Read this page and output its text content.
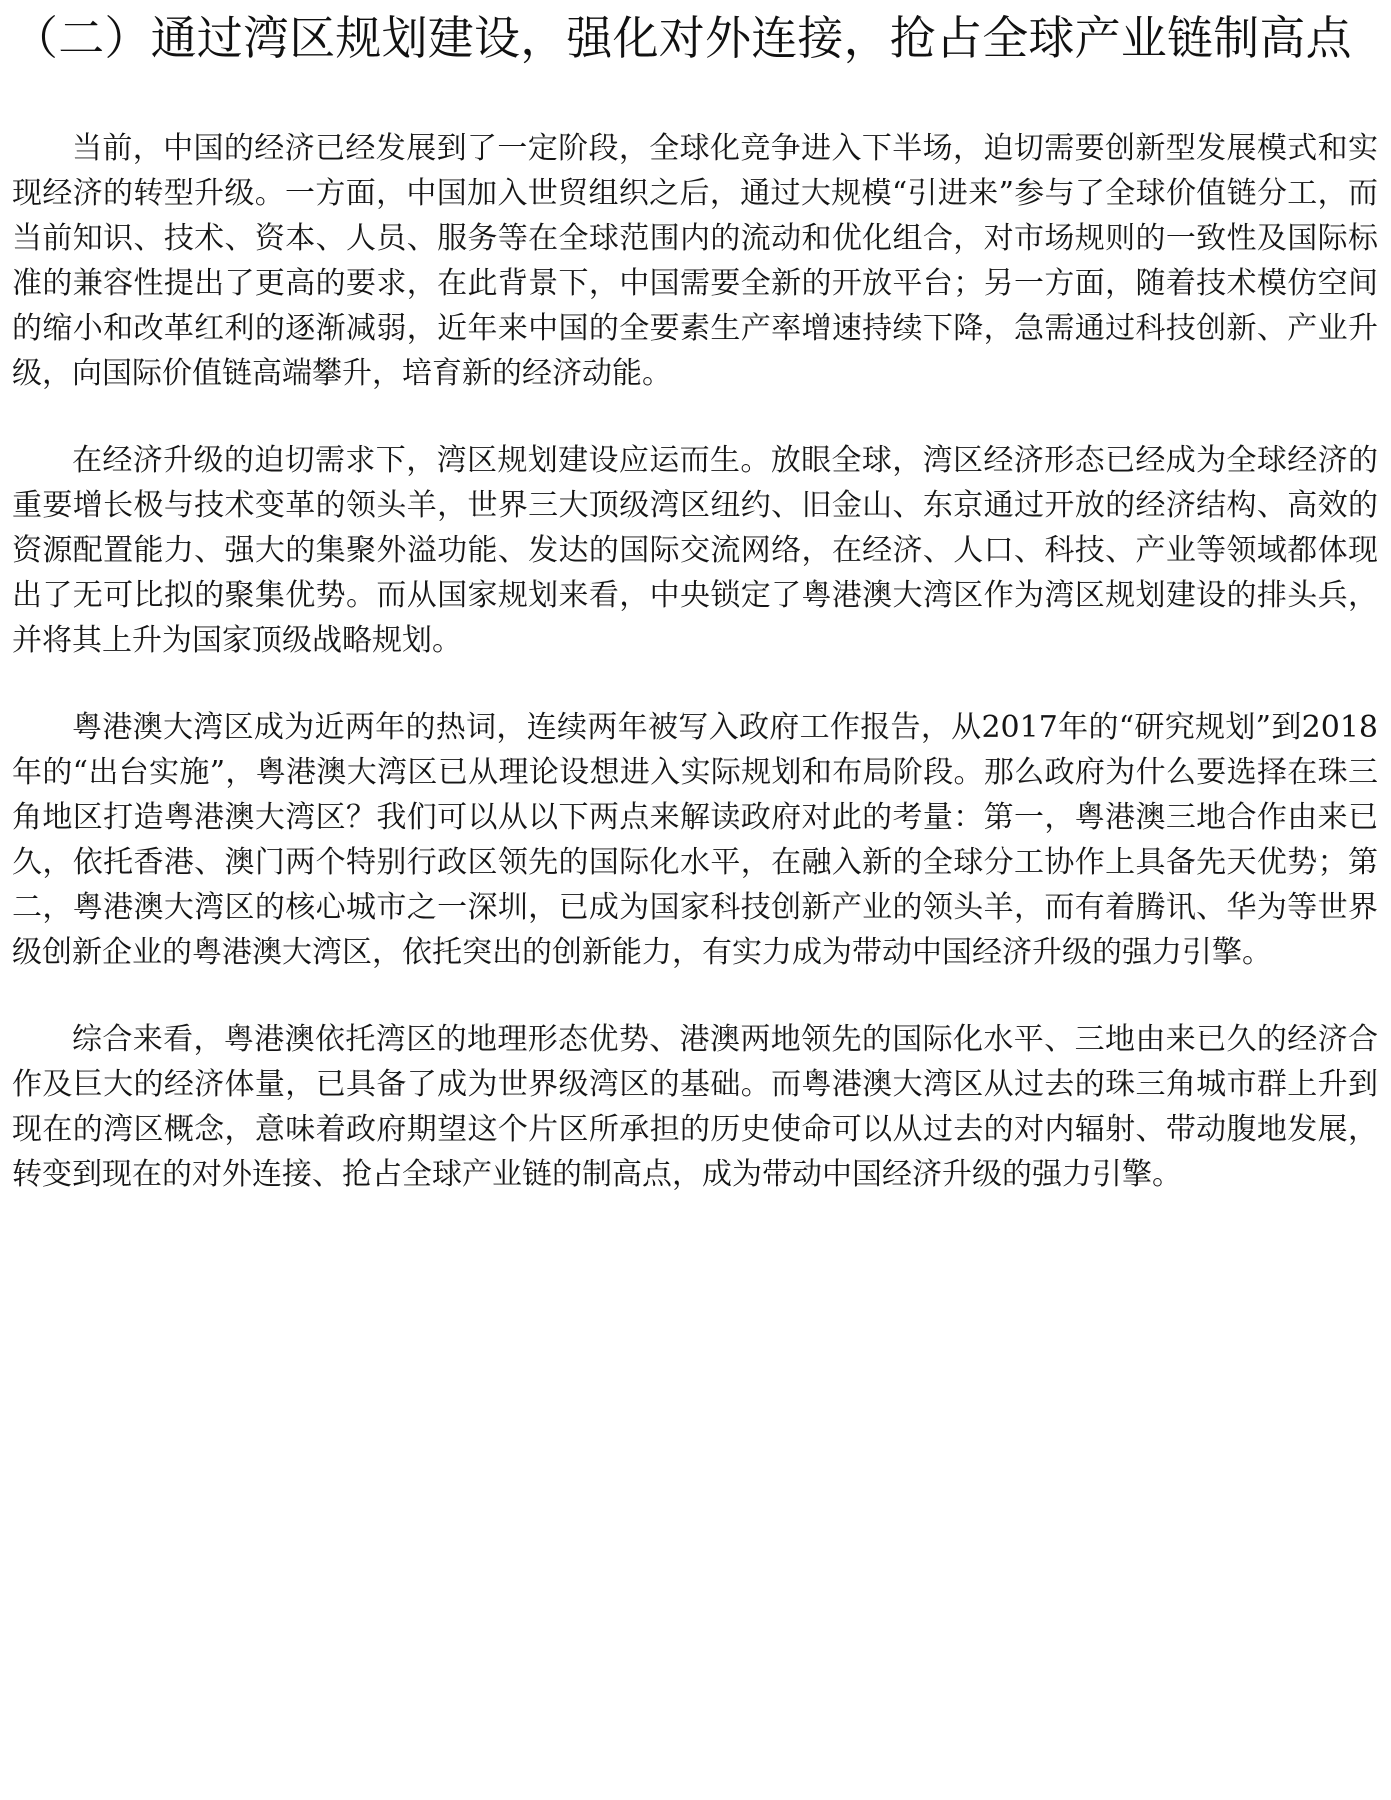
（二）通过湾区规划建设，强化对外连接，抢占全球产业链制高点

当前，中国的经济已经发展到了一定阶段，全球化竞争进入下半场，迫切需要创新型发展模式和实现经济的转型升级。一方面，中国加入世贸组织之后，通过大规模“引进来”参与了全球价值链分工，而当前知识、技术、资本、人员、服务等在全球范围内的流动和优化组合，对市场规则的一致性及国际标准的兼容性提出了更高的要求，在此背景下，中国需要全新的开放平台；另一方面，随着技术模仿空间的缩小和改革红利的逐渐减弱，近年来中国的全要素生产率增速持续下降，急需通过科技创新、产业升级，向国际价值链高端攀升，培育新的经济动能。

在经济升级的迫切需求下，湾区规划建设应运而生。放眼全球，湾区经济形态已经成为全球经济的重要增长极与技术变革的领头羊，世界三大顶级湾区纽约、旧金山、东京通过开放的经济结构、高效的资源配置能力、强大的集聚外溢功能、发达的国际交流网络，在经济、人口、科技、产业等领域都体现出了无可比拟的聚集优势。而从国家规划来看，中央锁定了粤港澳大湾区作为湾区规划建设的排头兵，并将其上升为国家顶级战略规划。

粤港澳大湾区成为近两年的热词，连续两年被写入政府工作报告，从2017年的“研究规划”到2018年的“出台实施”，粤港澳大湾区已从理论设想进入实际规划和布局阶段。那么政府为什么要选择在珠三角地区打造粤港澳大湾区？我们可以从以下两点来解读政府对此的考量：第一，粤港澳三地合作由来已久，依托香港、澳门两个特别行政区领先的国际化水平，在融入新的全球分工协作上具备先天优势；第二，粤港澳大湾区的核心城市之一深圳，已成为国家科技创新产业的领头羊，而有着腾讯、华为等世界级创新企业的粤港澳大湾区，依托突出的创新能力，有实力成为带动中国经济升级的强力引擎。

综合来看，粤港澳依托湾区的地理形态优势、港澳两地领先的国际化水平、三地由来已久的经济合作及巨大的经济体量，已具备了成为世界级湾区的基础。而粤港澳大湾区从过去的珠三角城市群上升到现在的湾区概念，意味着政府期望这个片区所承担的历史使命可以从过去的对内辐射、带动腹地发展，转变到现在的对外连接、抢占全球产业链的制高点，成为带动中国经济升级的强力引擎。
